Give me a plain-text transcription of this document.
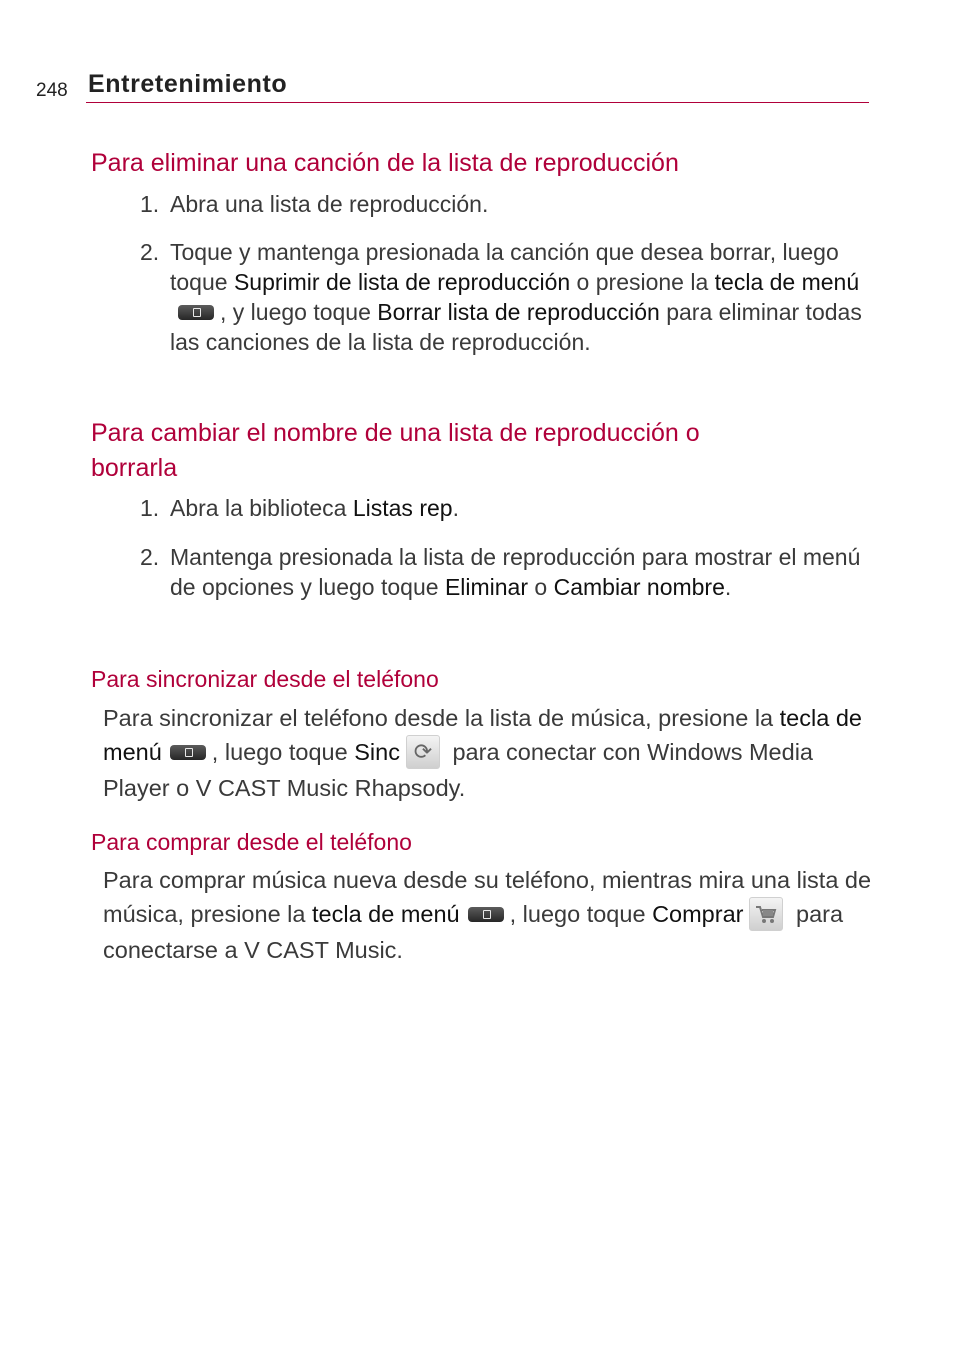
248 Entretenimiento
Para eliminar una canción de la lista de reproducción
1. Abra una lista de reproducción.
2. Toque y mantenga presionada la canción que desea borrar, luego toque Suprimir de lista de reproducción o presione la tecla de menú, y luego toque Borrar lista de reproducción para eliminar todas las canciones de la lista de reproducción.
Para cambiar el nombre de una lista de reproducción o
borrarla
1. Abra la biblioteca Listas rep.
2. Mantenga presionada la lista de reproducción para mostrar el menú de opciones y luego toque Eliminar o Cambiar nombre.
Para sincronizar desde el teléfono
Para sincronizar el teléfono desde la lista de música, presione la tecla de menú , luego toque Sinc ⟳ para conectar con Windows Media Player o V CAST Music Rhapsody.
Para comprar desde el teléfono
Para comprar música nueva desde su teléfono, mientras mira una lista de música, presione la tecla de menú , luego toque Comprar para conectarse a V CAST Music.
